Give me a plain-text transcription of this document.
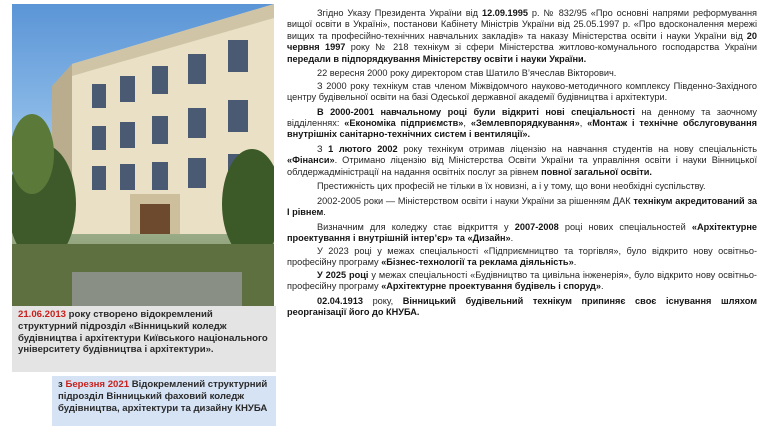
21.06.2013 року створено відокремлений структурний підрозділ «Вінницький коледж будівництва і архітектури Київського національного університету будівництва і архітектури».
з Березня 2021 Відокремлений структурний підрозділ Вінницький фаховий коледж будівництва, архітектури та дизайну КНУБА

Згідно Указу Президента України від 12.09.1995 р. № 832/95 «Про основні напрями реформування вищої освіти в Україні», постанови Кабінету Міністрів України від 25.05.1997 р. «Про вдосконалення мережі вищих та професійно-технічних навчальних закладів» та наказу Міністерства освіти і науки України від 20 червня 1997 року № 218 технікум зі сфери Міністерства житлово-комунального господарства України передали в підпорядкування Міністерству освіти і науки України.

22 вересня 2000 року директором став Шатило В’ячеслав Вікторович.

З 2000 року технікум став членом Міжвідомчого науково-методичного комплексу Південно-Західного центру будівельної освіти на базі Одеської державної академії будівництва і архітектури.

В 2000-2001 навчальному році були відкриті нові спеціальності на денному та заочному відділеннях: «Економіка підприємств», «Землевпорядкування», «Монтаж і технічне обслуговування внутрішніх санітарно-технічних систем і вентиляції».

З 1 лютого 2002 року технікум отримав ліцензію на навчання студентів на нову спеціальність «Фінанси». Отримано ліцензію від Міністерства Освіти України та управління освіти і науки Вінницької облдержадміністрації на надання освітніх послуг за рівнем повної загальної освіти.

Престижність цих професій не тільки в їх новизні, а і у тому, що вони необхідні суспільству.

2002-2005 роки — Міністерством освіти і науки України за рішенням ДАК технікум акредитований за І рівнем.

Визначним для коледжу стає відкриття у 2007-2008 році нових спеціальностей «Архітектурне проектування і внутрішній інтер’єр» та «Дизайн».

У 2023 році у межах спеціальності «Підприємництво та торгівля», було відкрито нову освітньо-професійну програму «Бізнес-технології та реклама діяльність».

У 2025 році у межах спеціальності «Будівництво та цивільна інженерія», було відкрито нову освітньо-професійну програму «Архітектурне проектування будівель і споруд».

02.04.1913 року, Вінницький будівельний технікум припиняє своє існування шляхом реорганізації його до КНУБА.
